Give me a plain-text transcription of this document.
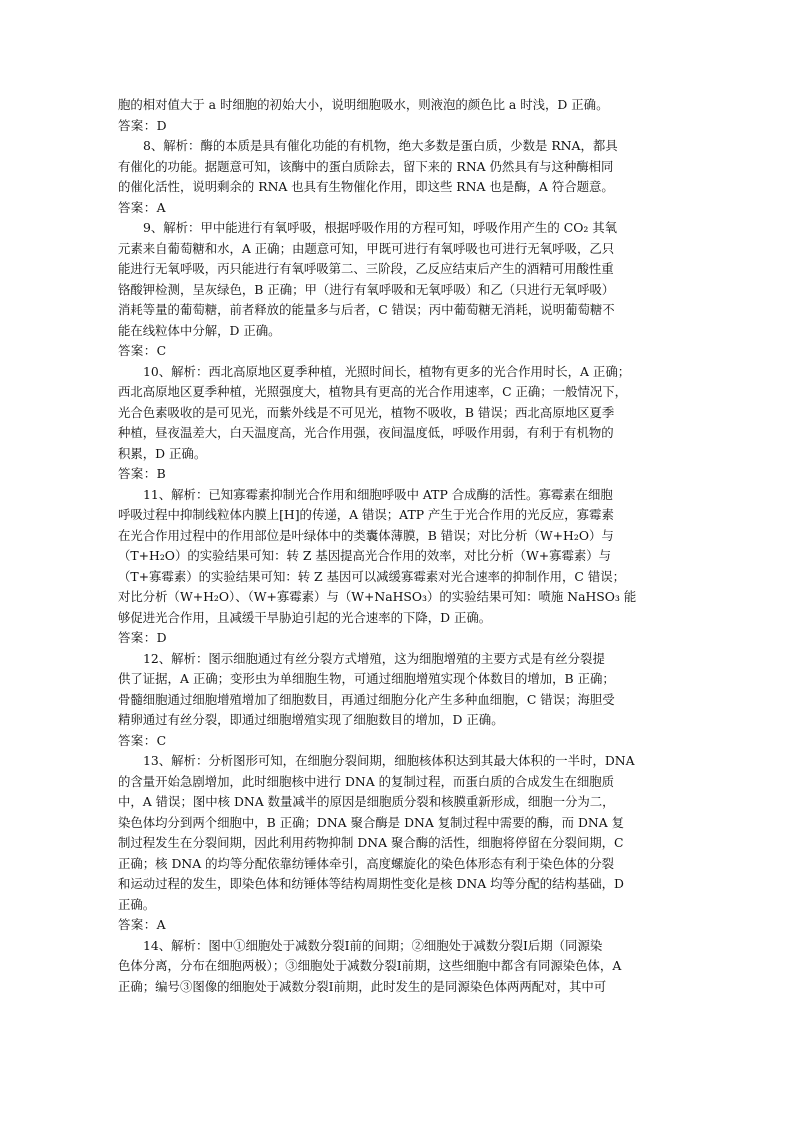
胞的相对值大于 a 时细胞的初始大小，说明细胞吸水，则液泡的颜色比 a 时浅，D 正确。
答案：D
8、解析：酶的本质是具有催化功能的有机物，绝大多数是蛋白质，少数是 RNA，都具
有催化的功能。据题意可知，该酶中的蛋白质除去，留下来的 RNA 仍然具有与这种酶相同
的催化活性，说明剩余的 RNA 也具有生物催化作用，即这些 RNA 也是酶，A 符合题意。
答案：A
9、解析：甲中能进行有氧呼吸，根据呼吸作用的方程可知，呼吸作用产生的 CO₂ 其氧
元素来自葡萄糖和水，A 正确；由题意可知，甲既可进行有氧呼吸也可进行无氧呼吸，乙只
能进行无氧呼吸，丙只能进行有氧呼吸第二、三阶段，乙反应结束后产生的酒精可用酸性重
铬酸钾检测，呈灰绿色，B 正确；甲（进行有氧呼吸和无氧呼吸）和乙（只进行无氧呼吸）
消耗等量的葡萄糖，前者释放的能量多与后者，C 错误；丙中葡萄糖无消耗，说明葡萄糖不
能在线粒体中分解，D 正确。
答案：C
10、解析：西北高原地区夏季种植，光照时间长，植物有更多的光合作用时长，A 正确；
西北高原地区夏季种植，光照强度大，植物具有更高的光合作用速率，C 正确；一般情况下，
光合色素吸收的是可见光，而紫外线是不可见光，植物不吸收，B 错误；西北高原地区夏季
种植，昼夜温差大，白天温度高，光合作用强，夜间温度低，呼吸作用弱，有利于有机物的
积累，D 正确。
答案：B
11、解析：已知寡霉素抑制光合作用和细胞呼吸中 ATP 合成酶的活性。寡霉素在细胞
呼吸过程中抑制线粒体内膜上[H]的传递，A 错误；ATP 产生于光合作用的光反应，寡霉素
在光合作用过程中的作用部位是叶绿体中的类囊体薄膜，B 错误；对比分析（W+H₂O）与
（T+H₂O）的实验结果可知：转 Z 基因提高光合作用的效率，对比分析（W+寡霉素）与
（T+寡霉素）的实验结果可知：转 Z 基因可以减缓寡霉素对光合速率的抑制作用，C 错误；
对比分析（W+H₂O）、（W+寡霉素）与（W+NaHSO₃）的实验结果可知：喷施 NaHSO₃ 能
够促进光合作用，且减缓干旱胁迫引起的光合速率的下降，D 正确。
答案：D
12、解析：图示细胞通过有丝分裂方式增殖，这为细胞增殖的主要方式是有丝分裂提
供了证据，A 正确；变形虫为单细胞生物，可通过细胞增殖实现个体数目的增加，B 正确；
骨髓细胞通过细胞增殖增加了细胞数目，再通过细胞分化产生多种血细胞，C 错误；海胆受
精卵通过有丝分裂，即通过细胞增殖实现了细胞数目的增加，D 正确。
答案：C
13、解析：分析图形可知，在细胞分裂间期，细胞核体积达到其最大体积的一半时，DNA
的含量开始急剧增加，此时细胞核中进行 DNA 的复制过程，而蛋白质的合成发生在细胞质
中，A 错误；图中核 DNA 数量减半的原因是细胞质分裂和核膜重新形成，细胞一分为二，
染色体均分到两个细胞中，B 正确；DNA 聚合酶是 DNA 复制过程中需要的酶，而 DNA 复
制过程发生在分裂间期，因此利用药物抑制 DNA 聚合酶的活性，细胞将停留在分裂间期，C
正确；核 DNA 的均等分配依靠纺锤体牵引，高度螺旋化的染色体形态有利于染色体的分裂
和运动过程的发生，即染色体和纺锤体等结构周期性变化是核 DNA 均等分配的结构基础，D
正确。
答案：A
14、解析：图中①细胞处于减数分裂Ⅰ前的间期；②细胞处于减数分裂Ⅰ后期（同源染
色体分离，分布在细胞两极）；③细胞处于减数分裂Ⅰ前期，这些细胞中都含有同源染色体，A
正确；编号③图像的细胞处于减数分裂Ⅰ前期，此时发生的是同源染色体两两配对，其中可
